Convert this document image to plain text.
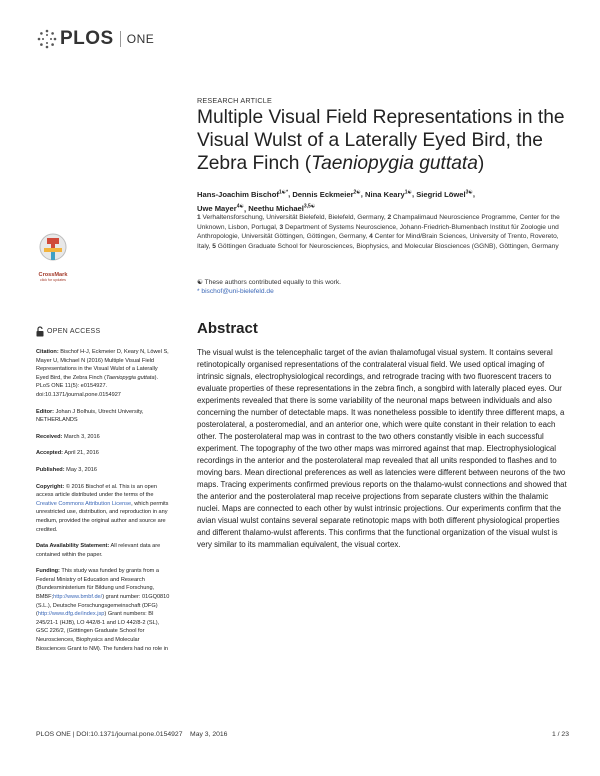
PLOS ONE
RESEARCH ARTICLE
Multiple Visual Field Representations in the Visual Wulst of a Laterally Eyed Bird, the Zebra Finch (Taeniopygia guttata)
Hans-Joachim Bischof$^{1☯*}$, Dennis Eckmeier$^{2☯}$, Nina Keary$^{1☯}$, Siegrid Löwel$^{3☯}$,
Uwe Mayer$^{4☯}$, Neethu Michael$^{3,5☯}$
1 Verhaltensforschung, Universität Bielefeld, Bielefeld, Germany, 2 Champalimaud Neuroscience Programme, Center for the Unknown, Lisbon, Portugal, 3 Department of Systems Neuroscience, Johann-Friedrich-Blumenbach Institut für Zoologie und Anthropologie, Universität Göttingen, Göttingen, Germany, 4 Center for Mind/Brain Sciences, University of Trento, Rovereto, Italy, 5 Göttingen Graduate School for Neurosciences, Biophysics, and Molecular Biosciences (GGNB), Göttingen, Germany
☯ These authors contributed equally to this work.
* bischof@uni-bielefeld.de
Abstract

The visual wulst is the telencephalic target of the avian thalamofugal visual system. It contains several retinotopically organised representations of the contralateral visual field. We used optical imaging of intrinsic signals, electrophysiological recordings, and retrograde tracing with two fluorescent tracers to evaluate properties of these representations in the zebra finch, a songbird with laterally placed eyes. Our experiments revealed that there is some variability of the neuronal maps between individuals and also concerning the number of detectable maps. It was nonetheless possible to identify three different maps, a posterolateral, a posteromedial, and an anterior one, which were quite constant in their relation to each other. The posterolateral map was in contrast to the two others constantly visible in each successful experiment. The topography of the two other maps was mirrored against that map. Electrophysiological recordings in the anterior and the posterolateral map revealed that all units responded to flashes and to moving bars. Mean directional preferences as well as latencies were different between neurons of the two maps. Tracing experiments confirmed previous reports on the thalamo-wulst connections and showed that the anterior and the posterolateral map receive projections from separate clusters within the thalamic nuclei. Maps are connected to each other by wulst intrinsic projections. Our experiments confirm that the avian visual wulst contains several separate retinotopic maps with both different physiological properties and different thalamo-wulst afferents. This confirms that the functional organization of the visual wulst is very similar to its mammalian equivalent, the visual cortex.

CrossMark
click for updates
OPEN ACCESS

Citation: Bischof H-J, Eckmeier D, Keary N, Löwel S, Mayer U, Michael N (2016) Multiple Visual Field Representations in the Visual Wulst of a Laterally Eyed Bird, the Zebra Finch (Taeniopygia guttata). PLoS ONE 11(5): e0154927. doi:10.1371/journal.pone.0154927

Editor: Johan J Bolhuis, Utrecht University, NETHERLANDS

Received: March 3, 2016

Accepted: April 21, 2016

Published: May 3, 2016

Copyright: © 2016 Bischof et al. This is an open access article distributed under the terms of the Creative Commons Attribution License, which permits unrestricted use, distribution, and reproduction in any medium, provided the original author and source are credited.

Data Availability Statement: All relevant data are contained within the paper.

Funding: This study was funded by grants from a Federal Ministry of Education and Research (Bundesministerium für Bildung und Forschung, BMBF;http://www.bmbf.de/) grant number: 01GQ0810 (S.L.), Deutsche Forschungsgemeinschaft (DFG) (http://www.dfg.de/index.jsp) Grant numbers: BI 245/21-1 (HJB), LO 442/8-1 and LO 442/8-2 (SL), GSC 226/2, (Göttingen Graduate School for Neurosciences, Biophysics and Molecular Biosciences Grant to NM). The funders had no role in

PLOS ONE | DOI:10.1371/journal.pone.0154927    May 3, 2016	1 / 23
